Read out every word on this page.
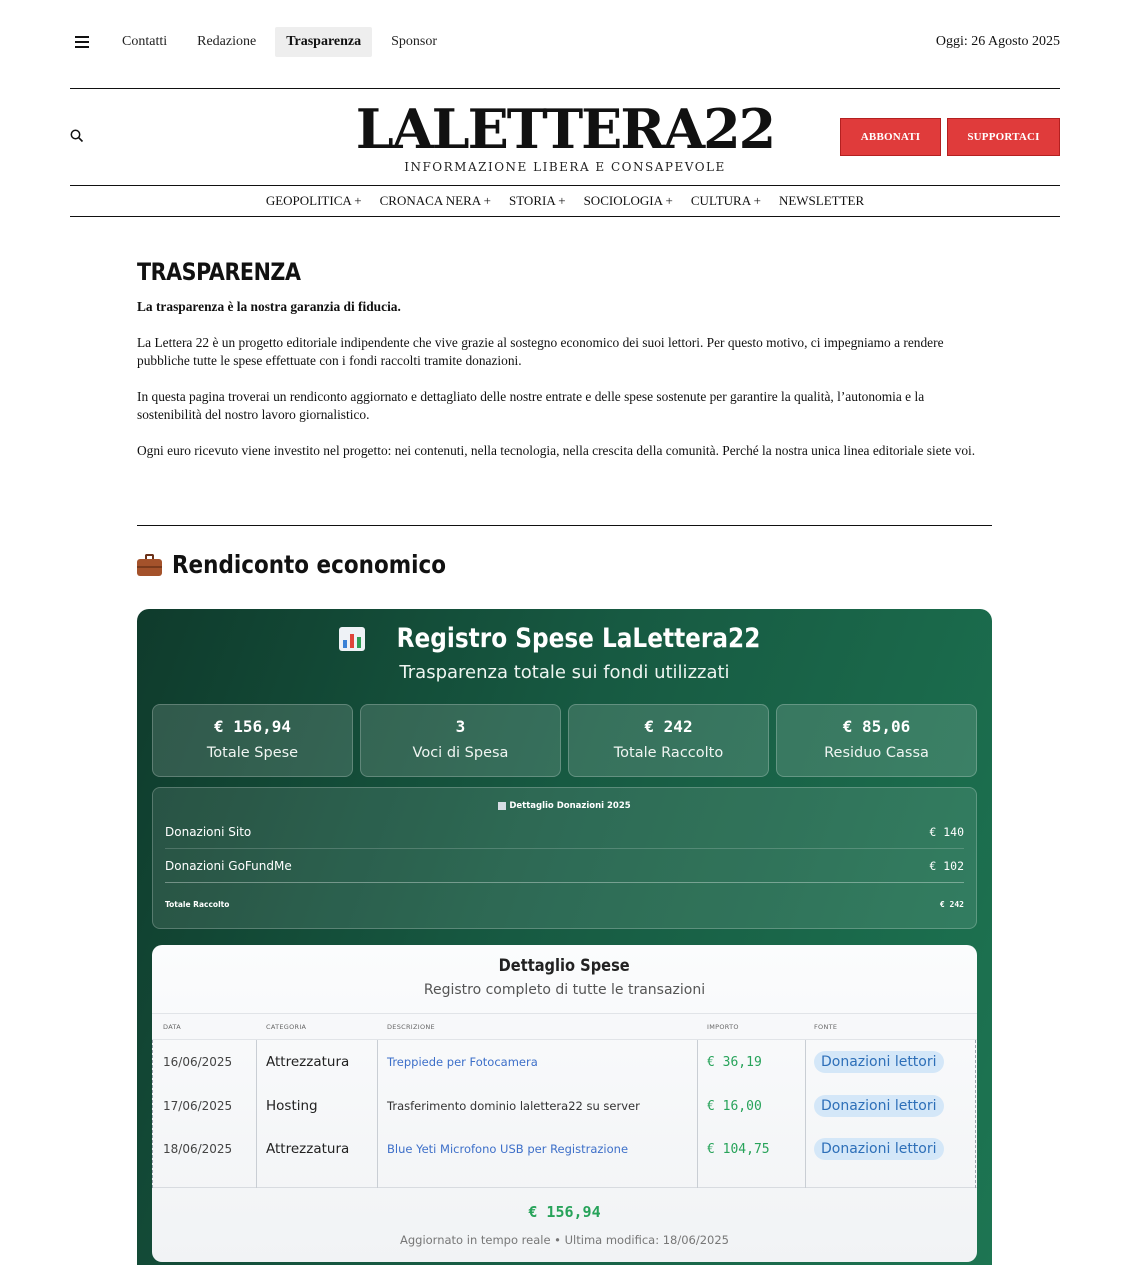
Contatti	Redazione	Trasparenza	Sponsor	Oggi: 26 Agosto 2025
LALETTERA22
INFORMAZIONE LIBERA E CONSAPEVOLE
ABBONATI	SUPPORTACI
GEOPOLITICA + CRONACA NERA + STORIA + SOCIOLOGIA + CULTURA + NEWSLETTER
TRASPARENZA

La trasparenza è la nostra garanzia di fiducia.

La Lettera 22 è un progetto editoriale indipendente che vive grazie al sostegno economico dei suoi lettori. Per questo motivo, ci impegniamo a rendere pubbliche tutte le spese effettuate con i fondi raccolti tramite donazioni.

In questa pagina troverai un rendiconto aggiornato e dettagliato delle nostre entrate e delle spese sostenute per garantire la qualità, l’autonomia e la sostenibilità del nostro lavoro giornalistico.

Ogni euro ricevuto viene investito nel progetto: nei contenuti, nella tecnologia, nella crescita della comunità. Perché la nostra unica linea editoriale siete voi.

Rendiconto economico
Registro Spese LaLettera22
Trasparenza totale sui fondi utilizzati
€ 156,94
Totale Spese
3
Voci di Spesa
€ 242
Totale Raccolto
€ 85,06
Residuo Cassa
Dettaglio Donazioni 2025
Donazioni Sito	€ 140
Donazioni GoFundMe	€ 102
Totale Raccolto	€ 242
Dettaglio Spese
Registro completo di tutte le transazioni
DATA	CATEGORIA	DESCRIZIONE	IMPORTO	FONTE
16/06/2025	Attrezzatura	Treppiede per Fotocamera	€ 36,19	Donazioni lettori
17/06/2025	Hosting	Trasferimento dominio lalettera22 su server	€ 16,00	Donazioni lettori
18/06/2025	Attrezzatura	Blue Yeti Microfono USB per Registrazione	€ 104,75	Donazioni lettori
€ 156,94
Aggiornato in tempo reale • Ultima modifica: 18/06/2025
